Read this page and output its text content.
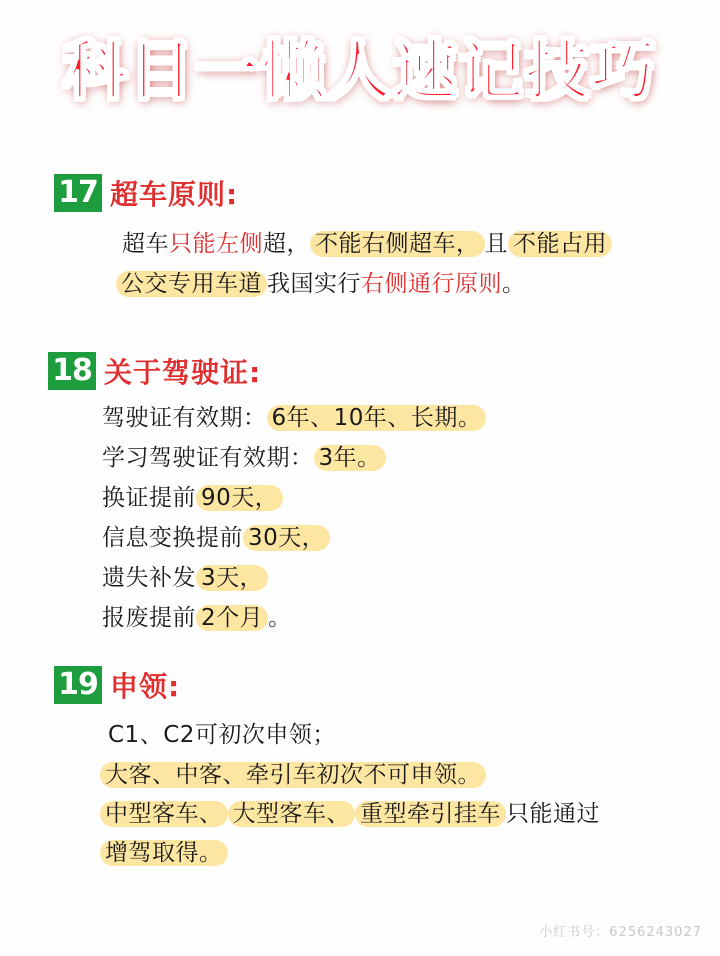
科目一懒人速记技巧
17 超车原则:
超车只能左侧超， 不能右侧超车， 且 不能占用
公交专用车道 我国实行右侧通行原则。
18 关于驾驶证:
驾驶证有效期： 6年、10年、长期。
学习驾驶证有效期： 3年。
换证提前 90天，
信息变换提前 30天，
遗失补发 3天，
报废提前 2个月 。
19 申领:
C1、C2可初次申领；
大客、中客、牵引车初次不可申领。
中型客车、 大型客车、 重型牵引挂车 只能通过
增驾取得。
小红书号：6256243027
